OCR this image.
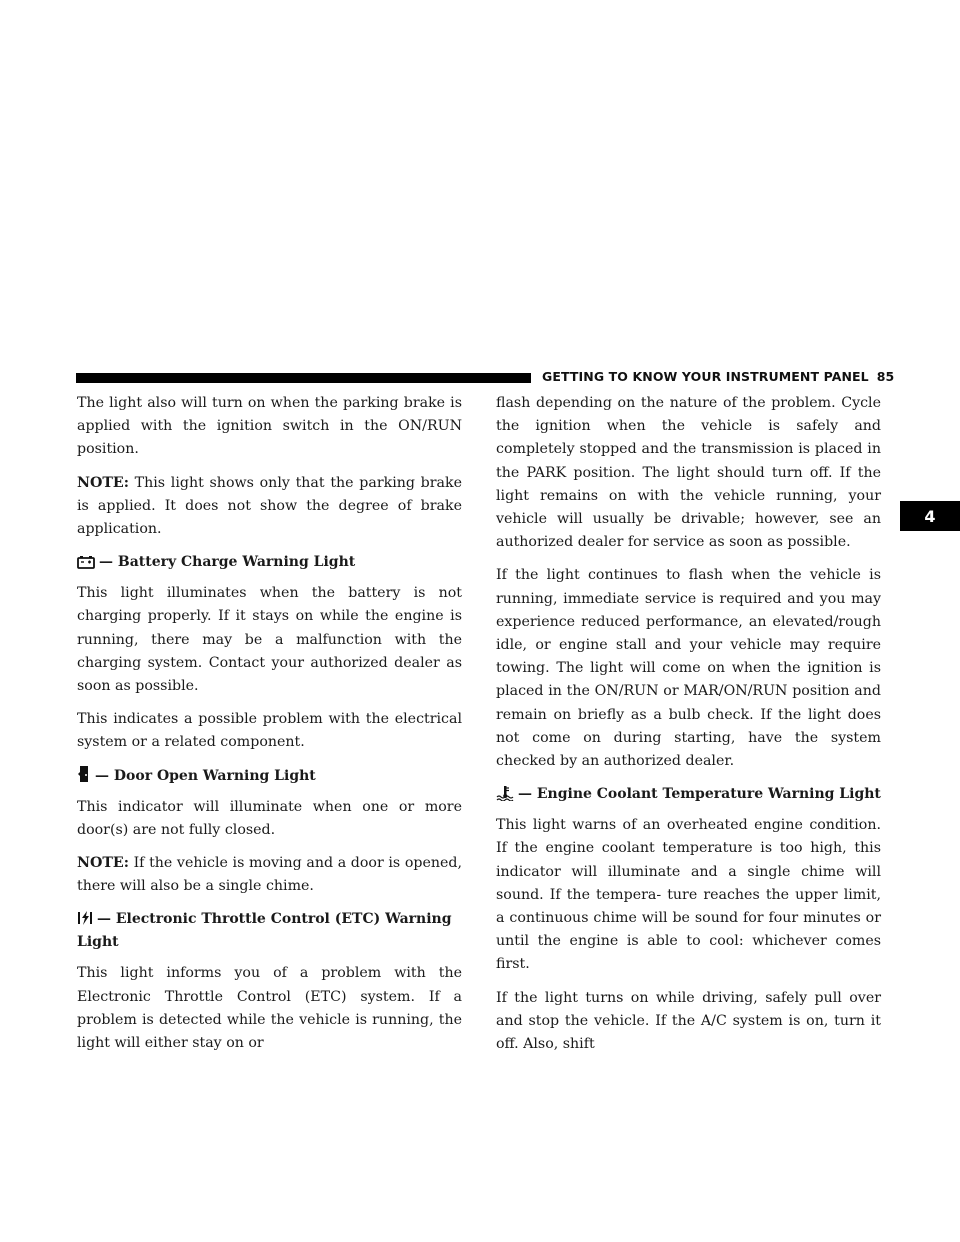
GETTING TO KNOW YOUR INSTRUMENT PANEL 85
4

The light also will turn on when the parking brake is applied with the ignition switch in the ON/RUN position.

NOTE: This light shows only that the parking brake is applied. It does not show the degree of brake application.

— Battery Charge Warning Light

This light illuminates when the battery is not charging properly. If it stays on while the engine is running, there may be a malfunction with the charging system. Contact your authorized dealer as soon as possible.

This indicates a possible problem with the electrical system or a related component.

— Door Open Warning Light

This indicator will illuminate when one or more door(s) are not fully closed.

NOTE: If the vehicle is moving and a door is opened, there will also be a single chime.

— Electronic Throttle Control (ETC) Warning
Light

This light informs you of a problem with the Electronic Throttle Control (ETC) system. If a problem is detected while the vehicle is running, the light will either stay on or

flash depending on the nature of the problem. Cycle the ignition when the vehicle is safely and completely stopped and the transmission is placed in the PARK position. The light should turn off. If the light remains on with the vehicle running, your vehicle will usually be drivable; however, see an authorized dealer for service as soon as possible.

If the light continues to flash when the vehicle is running, immediate service is required and you may experience reduced performance, an elevated/rough idle, or engine stall and your vehicle may require towing. The light will come on when the ignition is placed in the ON/RUN or MAR/ON/RUN position and remain on briefly as a bulb check. If the light does not come on during starting, have the system checked by an authorized dealer.

— Engine Coolant Temperature Warning Light

This light warns of an overheated engine condition. If the engine coolant temperature is too high, this indicator will illuminate and a single chime will sound. If the tempera- ture reaches the upper limit, a continuous chime will be sound for four minutes or until the engine is able to cool: whichever comes first.

If the light turns on while driving, safely pull over and stop the vehicle. If the A/C system is on, turn it off. Also, shift
